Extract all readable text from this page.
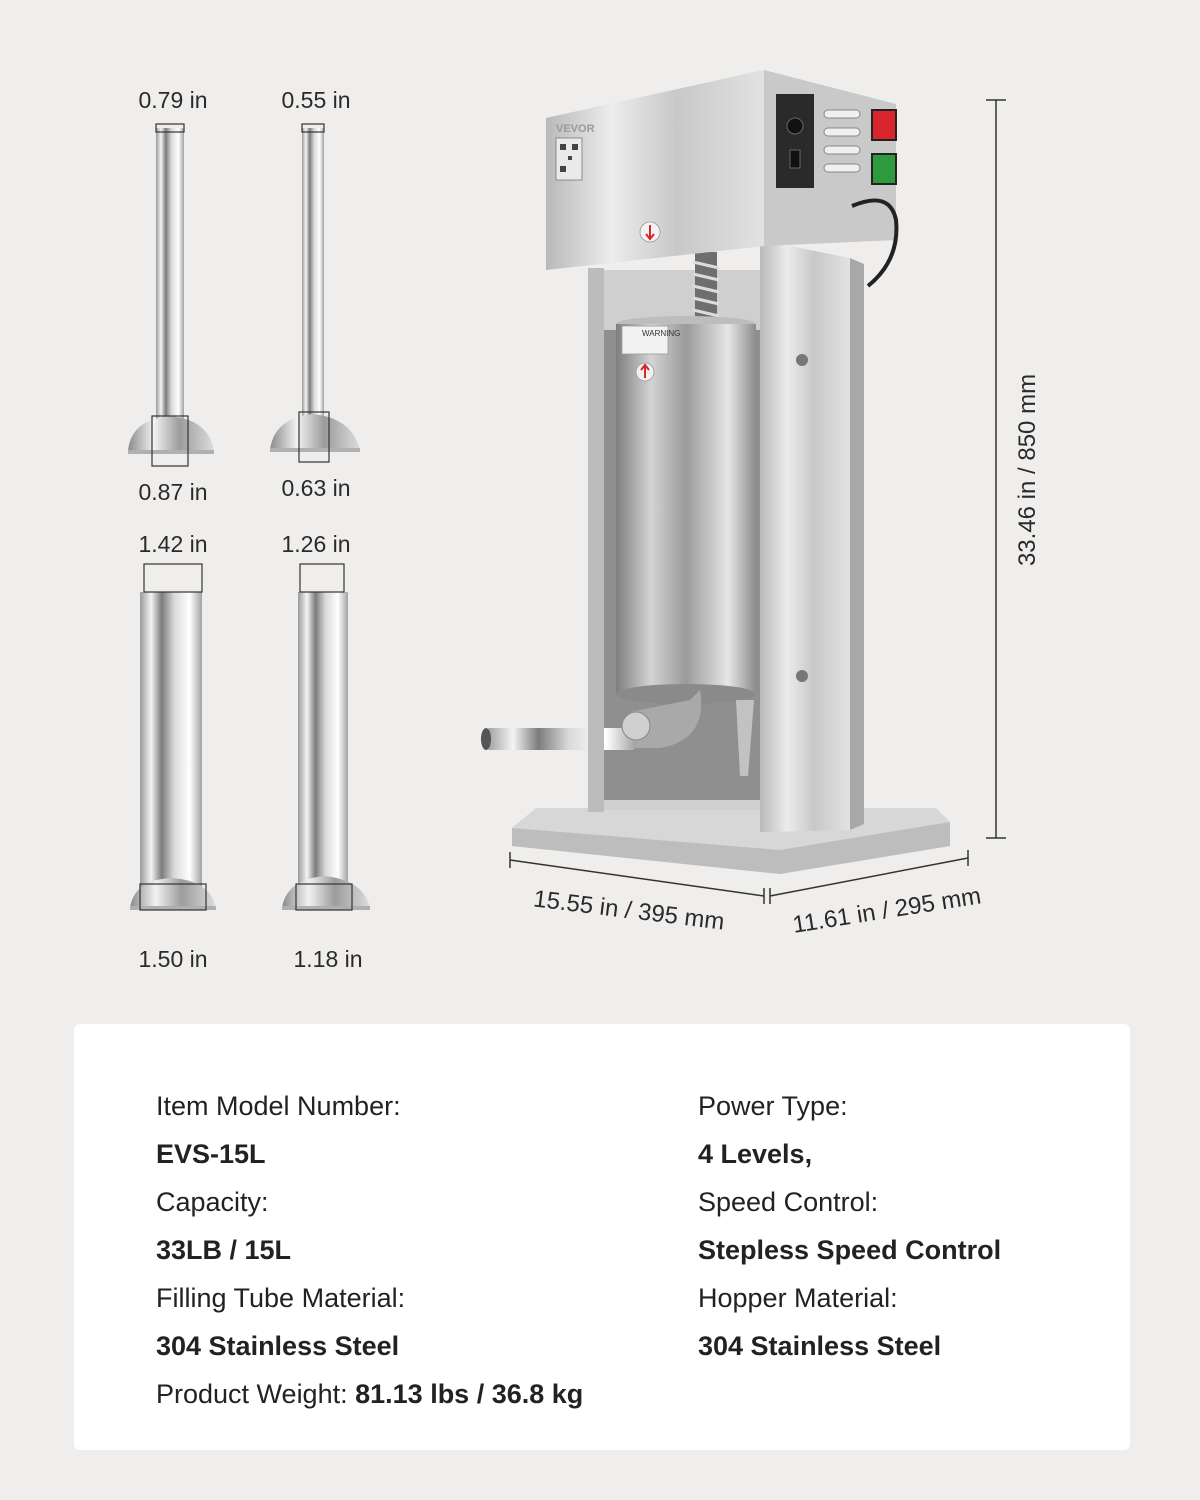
0.79 in
0.87 in
0.55 in
0.63 in
1.42 in
1.50 in
1.26 in
1.18 in
WARNING
VEVOR
33.46 in / 850 mm
15.55 in / 395 mm	11.61 in / 295 mm
Item Model Number:
EVS-15L
Capacity:
33LB / 15L
Filling Tube Material:
304 Stainless Steel
Product Weight: 81.13 lbs / 36.8 kg
Power Type:
4 Levels,
Speed Control:
Stepless Speed Control
Hopper Material:
304 Stainless Steel
